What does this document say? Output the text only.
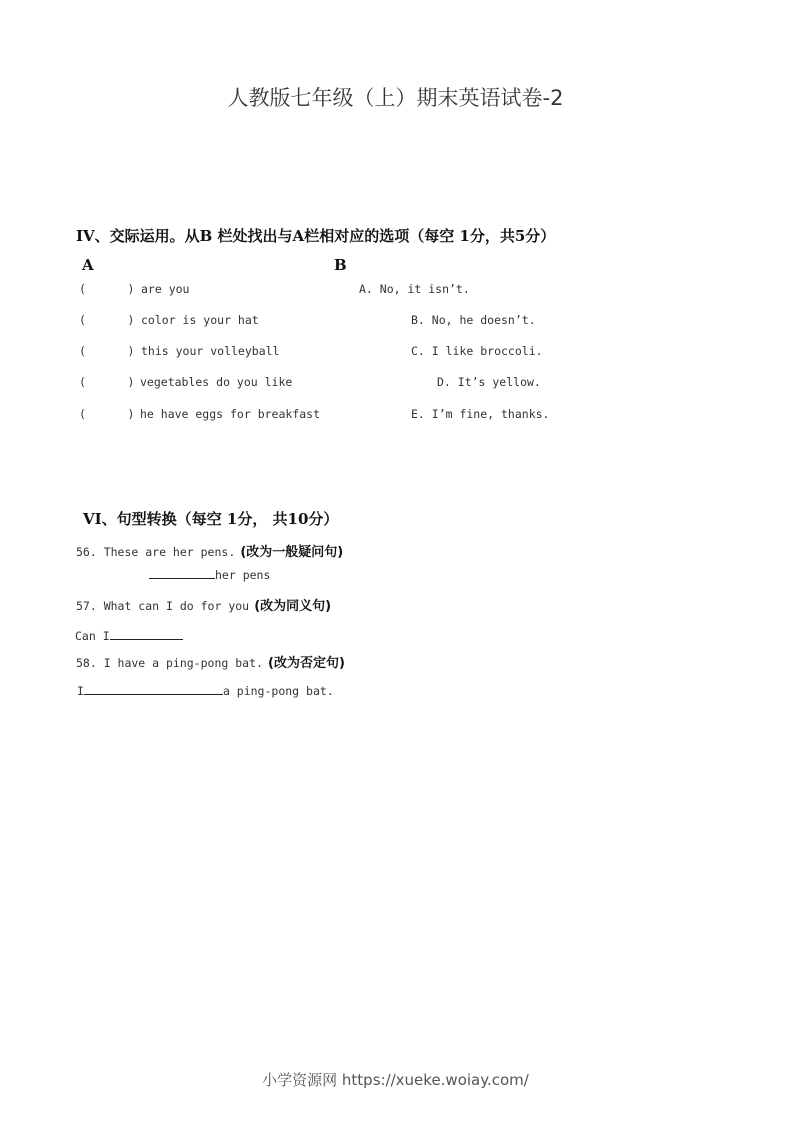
人教版七年级（上）期末英语试卷-2
IV、交际运用。从B 栏处找出与A栏相对应的选项（每空 1分，共5分）
A	B
(      ) are you	A. No, it isn’t.
(      ) color is your hat	B. No, he doesn’t.
(      ) this your volleyball	C. I like broccoli.
(      ) vegetables do you like	D. It’s yellow.
(      ) he have eggs for breakfast	E. I’m fine, thanks.
VI、句型转换（每空 1分， 共10分）
56. These are her pens. (改为一般疑问句)
her pens
57. What can I do for you (改为同义句)
Can I
58. I have a ping-pong bat. (改为否定句)
I	a ping-pong bat.
小学资源网 https://xueke.woiay.com/
